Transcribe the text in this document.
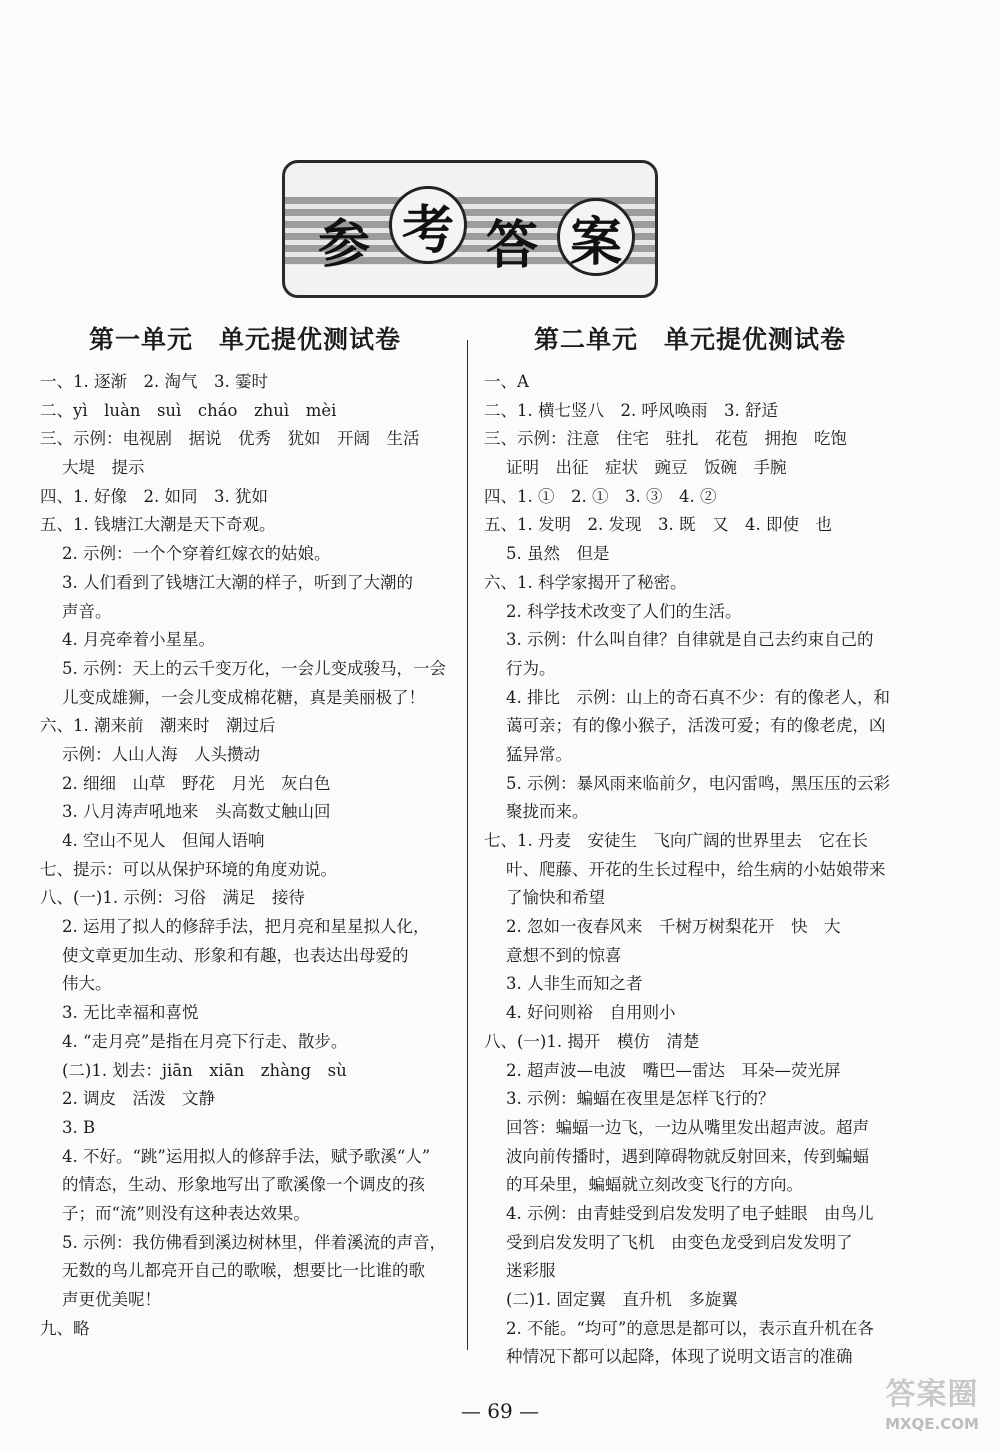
参 考 答 案
第一单元　单元提优测试卷
一、1. 逐渐　2. 淘气　3. 霎时
二、yì　luàn　suì　cháo　zhuì　mèi
三、示例：电视剧　据说　优秀　犹如　开阔　生活
大堤　提示
四、1. 好像　2. 如同　3. 犹如
五、1. 钱塘江大潮是天下奇观。
2. 示例：一个个穿着红嫁衣的姑娘。
3. 人们看到了钱塘江大潮的样子，听到了大潮的
声音。
4. 月亮牵着小星星。
5. 示例：天上的云千变万化，一会儿变成骏马，一会
儿变成雄狮，一会儿变成棉花糖，真是美丽极了！
六、1. 潮来前　潮来时　潮过后
示例：人山人海　人头攒动
2. 细细　山草　野花　月光　灰白色
3. 八月涛声吼地来　头高数丈触山回
4. 空山不见人　但闻人语响
七、提示：可以从保护环境的角度劝说。
八、(一)1. 示例：习俗　满足　接待
2. 运用了拟人的修辞手法，把月亮和星星拟人化，
使文章更加生动、形象和有趣，也表达出母爱的
伟大。
3. 无比幸福和喜悦
4. “走月亮”是指在月亮下行走、散步。
(二)1. 划去：jiān　xiān　zhàng　sù
2. 调皮　活泼　文静
3. B
4. 不好。“跳”运用拟人的修辞手法，赋予歌溪“人”
的情态，生动、形象地写出了歌溪像一个调皮的孩
子；而“流”则没有这种表达效果。
5. 示例：我仿佛看到溪边树林里，伴着溪流的声音，
无数的鸟儿都亮开自己的歌喉，想要比一比谁的歌
声更优美呢！
九、略
第二单元　单元提优测试卷
一、A
二、1. 横七竖八　2. 呼风唤雨　3. 舒适
三、示例：注意　住宅　驻扎　花苞　拥抱　吃饱
证明　出征　症状　豌豆　饭碗　手腕
四、1. ①　2. ①　3. ③　4. ②
五、1. 发明　2. 发现　3. 既　又　4. 即使　也
5. 虽然　但是
六、1. 科学家揭开了秘密。
2. 科学技术改变了人们的生活。
3. 示例：什么叫自律？自律就是自己去约束自己的
行为。
4. 排比　示例：山上的奇石真不少：有的像老人，和
蔼可亲；有的像小猴子，活泼可爱；有的像老虎，凶
猛异常。
5. 示例：暴风雨来临前夕，电闪雷鸣，黑压压的云彩
聚拢而来。
七、1. 丹麦　安徒生　飞向广阔的世界里去　它在长
叶、爬藤、开花的生长过程中，给生病的小姑娘带来
了愉快和希望
2. 忽如一夜春风来　千树万树梨花开　快　大
意想不到的惊喜
3. 人非生而知之者
4. 好问则裕　自用则小
八、(一)1. 揭开　模仿　清楚
2. 超声波—电波　嘴巴—雷达　耳朵—荧光屏
3. 示例：蝙蝠在夜里是怎样飞行的？
回答：蝙蝠一边飞，一边从嘴里发出超声波。超声
波向前传播时，遇到障碍物就反射回来，传到蝙蝠
的耳朵里，蝙蝠就立刻改变飞行的方向。
4. 示例：由青蛙受到启发发明了电子蛙眼　由鸟儿
受到启发发明了飞机　由变色龙受到启发发明了
迷彩服
(二)1. 固定翼　直升机　多旋翼
2. 不能。“均可”的意思是都可以，表示直升机在各
种情况下都可以起降，体现了说明文语言的准确
— 69 —	答案圈
MXQE.COM
